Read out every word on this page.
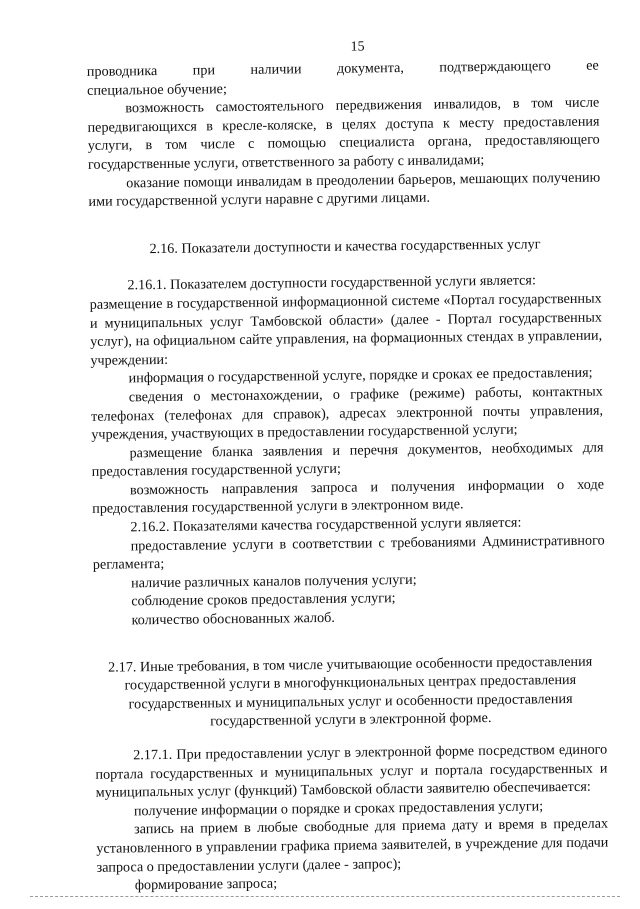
15

проводника при наличии документа, подтверждающего ее

специальное обучение;

возможность самостоятельного передвижения инвалидов, в том числе передвигающихся в кресле-коляске, в целях доступа к месту предоставления услуги, в том числе с помощью специалиста органа, предоставляющего государственные услуги, ответственного за работу с инвалидами;

оказание помощи инвалидам в преодолении барьеров, мешающих получению ими государственной услуги наравне с другими лицами.

2.16. Показатели доступности и качества государственных услуг

2.16.1. Показателем доступности государственной услуги является:

размещение в государственной информационной системе «Портал государственных и муниципальных услуг Тамбовской области» (далее - Портал государственных услуг), на официальном сайте управления, на формационных стендах в управлении, учреждении:

информация о государственной услуге, порядке и сроках ее предоставления;

сведения о местонахождении, о графике (режиме) работы, контактных телефонах (телефонах для справок), адресах электронной почты управления, учреждения, участвующих в предоставлении государственной услуги;

размещение бланка заявления и перечня документов, необходимых для предоставления государственной услуги;

возможность направления запроса и получения информации о ходе предоставления государственной услуги в электронном виде.

2.16.2. Показателями качества государственной услуги является:

предоставление услуги в соответствии с требованиями Административного регламента;

наличие различных каналов получения услуги;

соблюдение сроков предоставления услуги;

количество обоснованных жалоб.

2.17. Иные требования, в том числе учитывающие особенности предоставления государственной услуги в многофункциональных центрах предоставления государственных и муниципальных услуг и особенности предоставления государственной услуги в электронной форме.

2.17.1. При предоставлении услуг в электронной форме посредством единого портала государственных и муниципальных услуг и портала государственных и муниципальных услуг (функций) Тамбовской области заявителю обеспечивается:

получение информации о порядке и сроках предоставления услуги;

запись на прием в любые свободные для приема дату и время в пределах установленного в управлении графика приема заявителей, в учреждение для подачи запроса о предоставлении услуги (далее - запрос);

формирование запроса;
